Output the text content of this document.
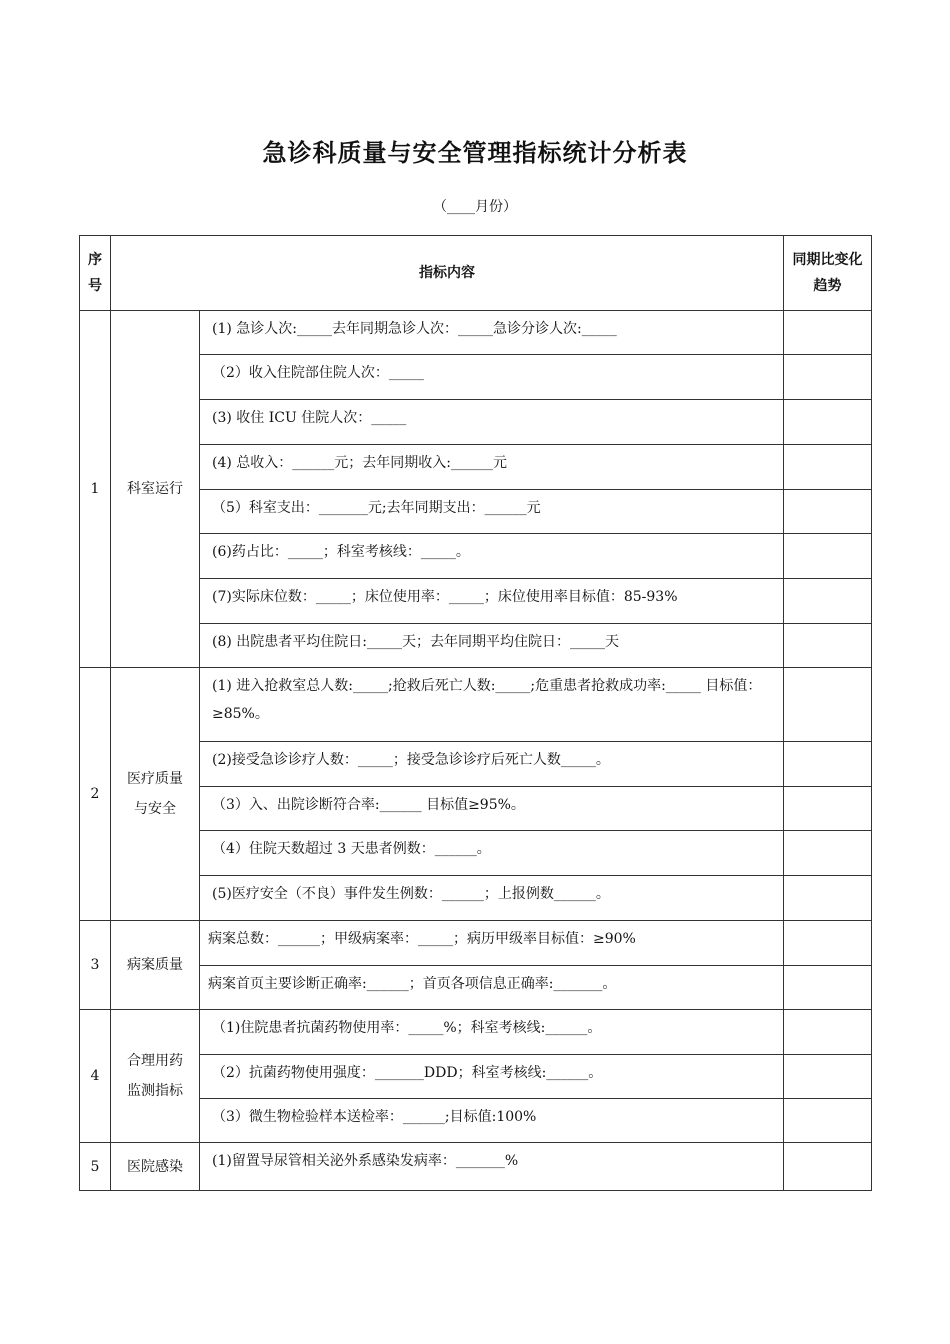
急诊科质量与安全管理指标统计分析表
（____月份）
序号	指标内容		同期比变化趋势
1	科室运行	(1) 急诊人次:_____去年同期急诊人次：_____急诊分诊人次:_____	
		（2）收入住院部住院人次：_____	
		(3) 收住 ICU 住院人次：_____	
		(4) 总收入：______元；去年同期收入:______元	
		（5）科室支出：_______元;去年同期支出：______元	
		(6)药占比：_____；科室考核线：_____。	
		(7)实际床位数：_____；床位使用率：_____；床位使用率目标值：85-93%	
		(8) 出院患者平均住院日:_____天；去年同期平均住院日：_____天	
2	医疗质量与安全	(1) 进入抢救室总人数:_____;抢救后死亡人数:_____;危重患者抢救成功率:_____ 目标值：≥85%。	
		(2)接受急诊诊疗人数：_____；接受急诊诊疗后死亡人数_____。	
		（3）入、出院诊断符合率:______ 目标值≥95%。	
		（4）住院天数超过 3 天患者例数：______。	
		(5)医疗安全（不良）事件发生例数：______；上报例数______。	
3	病案质量	病案总数：______；甲级病案率：_____；病历甲级率目标值：≥90%	
		病案首页主要诊断正确率:______；首页各项信息正确率:_______。	
4	合理用药监测指标	（1)住院患者抗菌药物使用率：_____%；科室考核线:______。	
		（2）抗菌药物使用强度：_______DDD；科室考核线:______。	
		（3）微生物检验样本送检率：______;目标值:100%	
5	医院感染	(1)留置导尿管相关泌外系感染发病率：_______%	
